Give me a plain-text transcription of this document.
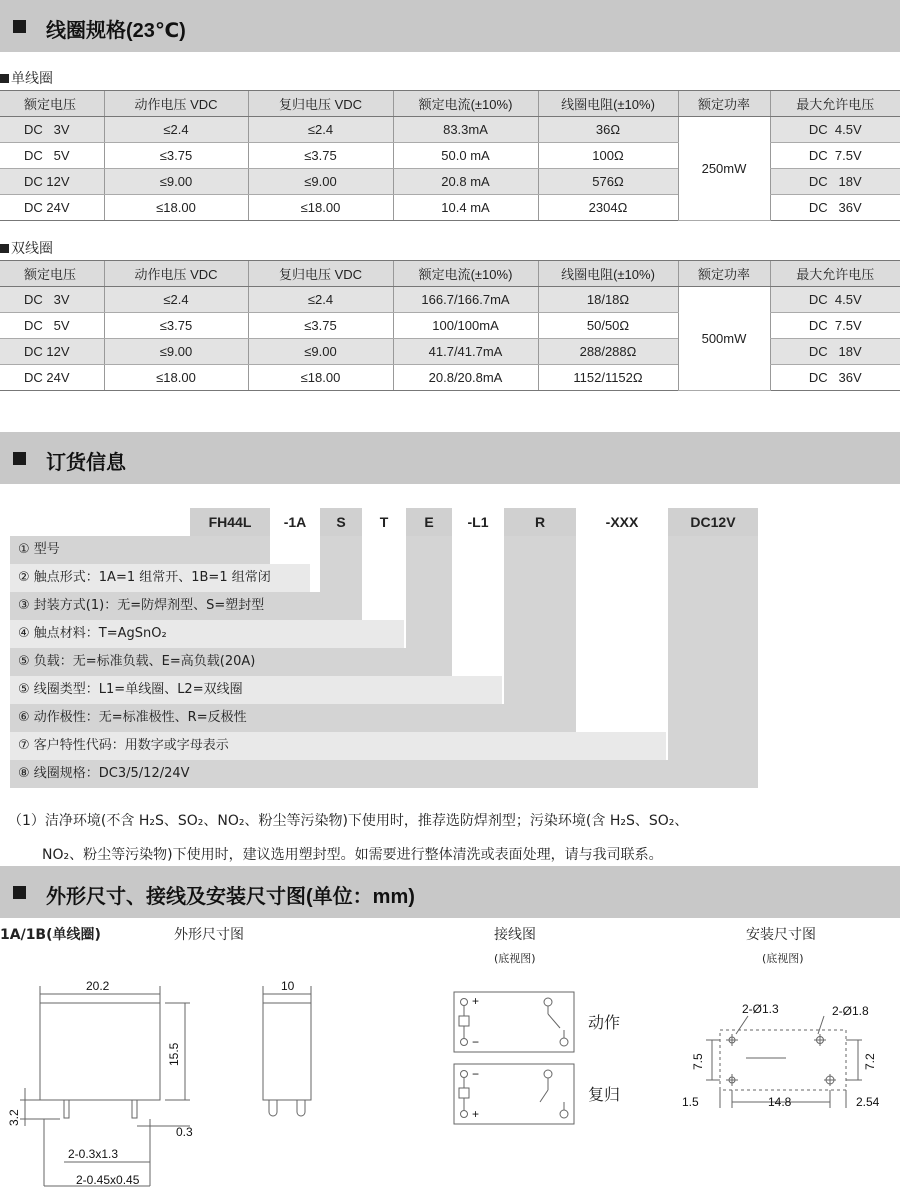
线圈规格(23℃)
单线圈
额定电压	动作电压 VDC	复归电压 VDC	额定电流(±10%)	线圈电阻(±10%)	额定功率	最大允许电压
DC   3V	≤2.4	≤2.4	83.3mA	36Ω	250mW	DC  4.5V
DC   5V	≤3.75	≤3.75	50.0 mA	100Ω		DC  7.5V
DC 12V	≤9.00	≤9.00	20.8 mA	576Ω		DC   18V
DC 24V	≤18.00	≤18.00	10.4 mA	2304Ω		DC   36V
双线圈
额定电压	动作电压 VDC	复归电压 VDC	额定电流(±10%)	线圈电阻(±10%)	额定功率	最大允许电压
DC   3V	≤2.4	≤2.4	166.7/166.7mA	18/18Ω	500mW	DC  4.5V
DC   5V	≤3.75	≤3.75	100/100mA	50/50Ω		DC  7.5V
DC 12V	≤9.00	≤9.00	41.7/41.7mA	288/288Ω		DC   18V
DC 24V	≤18.00	≤18.00	20.8/20.8mA	1152/1152Ω		DC   36V
订货信息
FH44L	-1A	S	T	E	-L1	R	-XXX	DC12V
① 型号
② 触点形式：1A=1 组常开、1B=1 组常闭
③ 封装方式(1)：无=防焊剂型、S=塑封型
④ 触点材料：T=AgSnO₂
⑤ 负载：无=标准负载、E=高负载(20A)
⑤ 线圈类型：L1=单线圈、L2=双线圈
⑥ 动作极性：无=标准极性、R=反极性
⑦ 客户特性代码：用数字或字母表示
⑧ 线圈规格：DC3/5/12/24V
（1）洁净环境(不含 H₂S、SO₂、NO₂、粉尘等污染物)下使用时，推荐选防焊剂型；污染环境(含 H₂S、SO₂、
NO₂、粉尘等污染物)下使用时，建议选用塑封型。如需要进行整体清洗或表面处理，请与我司联系。
外形尺寸、接线及安装尺寸图(单位：mm)
1A/1B(单线圈)	外形尺寸图	接线图
(底视图)
安装尺寸图
(底视图)
20.2
15.5
3.2
0.3
2-0.3x1.3
2-0.45x0.45
10
+
−
−
+
动作
复归
2-Ø1.3	2-Ø1.8
7.5	7.2
1.5	14.8	2.54
